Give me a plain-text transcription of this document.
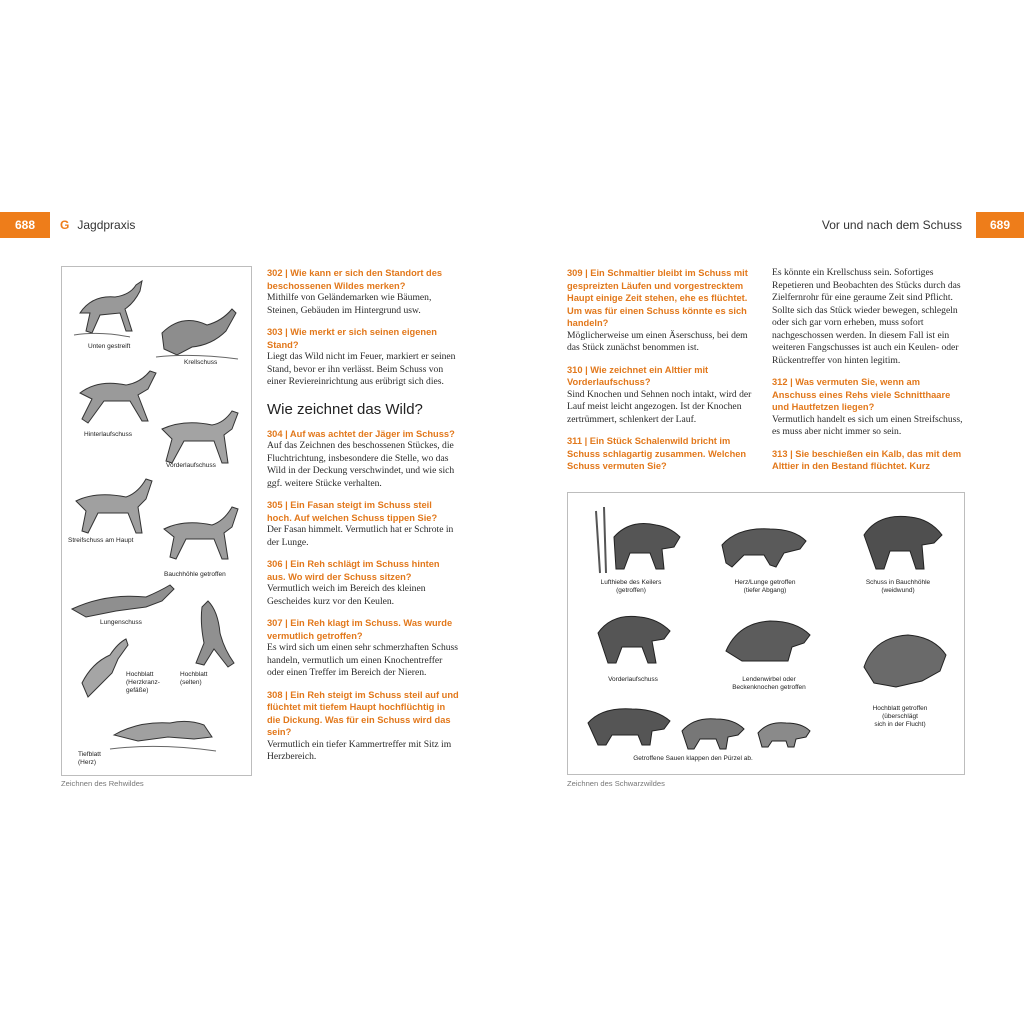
688	G Jagdpraxis	Vor und nach dem Schuss	689
Unten gestreift
Krellschuss
Hinterlaufschuss
Vorderlaufschuss
Streifschuss am Haupt
Bauchhöhle getroffen
Lungenschuss
Hochblatt
(Herzkranz-
gefäße)
Hochblatt
(selten)
Tiefblatt
(Herz)
Zeichnen des Rehwildes

302 | Wie kann er sich den Standort des beschossenen Wildes merken?

Mithilfe von Geländemarken wie Bäumen, Steinen, Gebäuden im Hintergrund usw.

303 | Wie merkt er sich seinen eigenen Stand?

Liegt das Wild nicht im Feuer, markiert er seinen Stand, bevor er ihn verlässt. Beim Schuss von einer Reviereinrichtung aus erübrigt sich dies.

Wie zeichnet das Wild?

304 | Auf was achtet der Jäger im Schuss?

Auf das Zeichnen des beschossenen Stückes, die Fluchtrichtung, insbesondere die Stelle, wo das Wild in der Deckung verschwindet, und wie sich ggf. weitere Stücke verhalten.

305 | Ein Fasan steigt im Schuss steil hoch. Auf welchen Schuss tippen Sie?

Der Fasan himmelt. Vermutlich hat er Schrote in der Lunge.

306 | Ein Reh schlägt im Schuss hinten aus. Wo wird der Schuss sitzen?

Vermutlich weich im Bereich des kleinen Gescheides kurz vor den Keulen.

307 | Ein Reh klagt im Schuss. Was wurde vermutlich getroffen?

Es wird sich um einen sehr schmerzhaften Schuss handeln, vermutlich um einen Knochentreffer oder einen Treffer im Bereich der Nieren.

308 | Ein Reh steigt im Schuss steil auf und flüchtet mit tiefem Haupt hochflüchtig in die Dickung. Was für ein Schuss wird das sein?

Vermutlich ein tiefer Kammertreffer mit Sitz im Herzbereich.

309 | Ein Schmaltier bleibt im Schuss mit gespreizten Läufen und vorgestrecktem Haupt einige Zeit stehen, ehe es flüchtet. Um was für einen Schuss könnte es sich handeln?

Möglicherweise um einen Äserschuss, bei dem das Stück zunächst benommen ist.

310 | Wie zeichnet ein Alttier mit Vorderlaufschuss?

Sind Knochen und Sehnen noch intakt, wird der Lauf meist leicht angezogen. Ist der Knochen zertrümmert, schlenkert der Lauf.

311 | Ein Stück Schalenwild bricht im Schuss schlagartig zusammen. Welchen Schuss vermuten Sie?

Es könnte ein Krellschuss sein. Sofortiges Repetieren und Beobachten des Stücks durch das Zielfernrohr für eine geraume Zeit sind Pflicht. Sollte sich das Stück wieder bewegen, schlegeln oder sich gar vorn erheben, muss sofort nachgeschossen werden. In diesem Fall ist ein weiteren Fangschusses ist auch ein Keulen- oder Rückentreffer von hinten legitim.

312 | Was vermuten Sie, wenn am Anschuss eines Rehs viele Schnitthaare und Hautfetzen liegen?

Vermutlich handelt es sich um einen Streifschuss, es muss aber nicht immer so sein.

313 | Sie beschießen ein Kalb, das mit dem Alttier in den Bestand flüchtet. Kurz

Lufthiebe des Keilers
(getroffen)
Herz/Lunge getroffen
(tiefer Abgang)
Schuss in Bauchhöhle
(weidwund)
Vorderlaufschuss	Lendenwirbel oder
Beckenknochen getroffen
Hochblatt getroffen
(überschlägt
sich in der Flucht)
Getroffene Sauen klappen den Pürzel ab.
Zeichnen des Schwarzwildes
